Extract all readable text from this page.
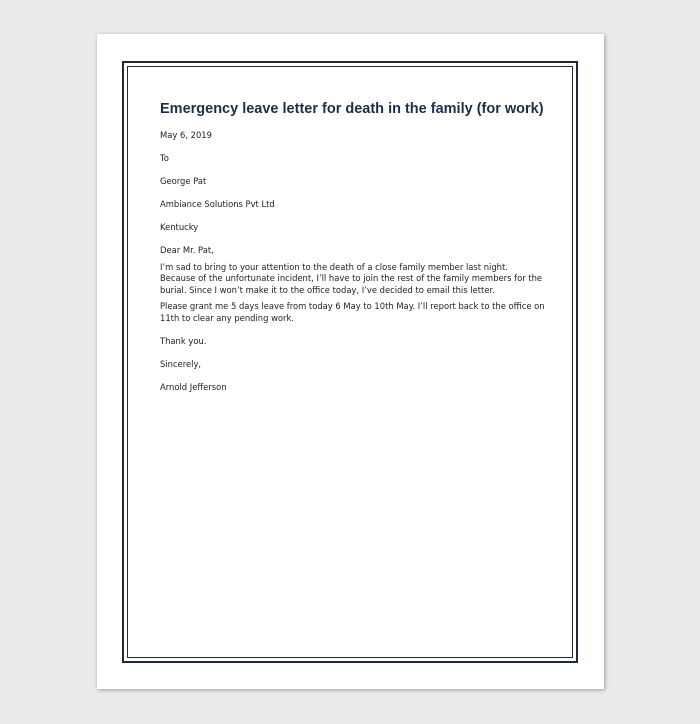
Emergency leave letter for death in the family (for work)
May 6, 2019
To
George Pat
Ambiance Solutions Pvt Ltd
Kentucky
Dear Mr. Pat,
I’m sad to bring to your attention to the death of a close family member last night. Because of the unfortunate incident, I’ll have to join the rest of the family members for the burial. Since I won’t make it to the office today, I’ve decided to email this letter.
Please grant me 5 days leave from today 6 May to 10th May. I’ll report back to the office on 11th to clear any pending work.
Thank you.
Sincerely,
Arnold Jefferson
